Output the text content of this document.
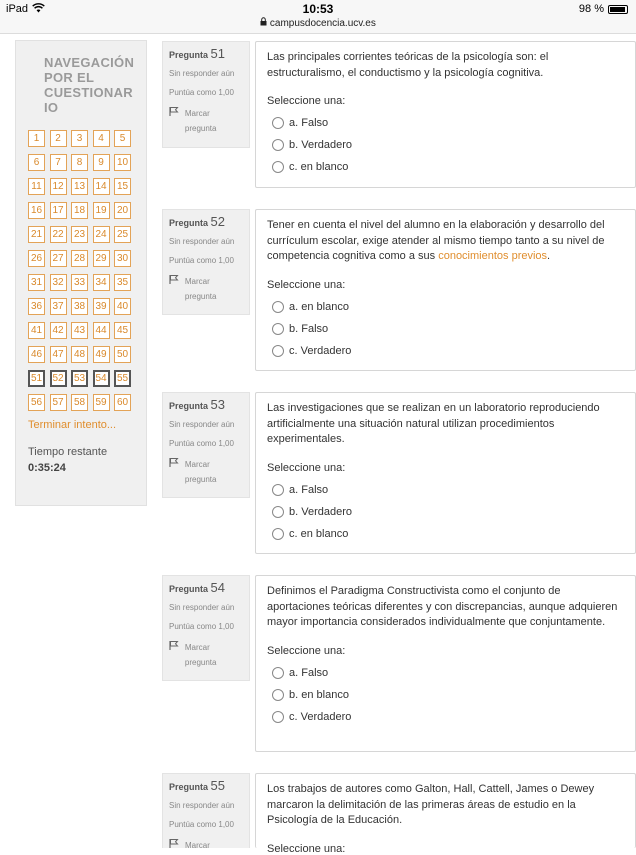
iPad	10:53	98 %
campusdocencia.ucv.es
NAVEGACIÓN POR EL CUESTIONAR IO
1	2	3	4	5
6	7	8	9	10
11	12 13 14 15
16 17 18 19 20
21 22 23 24 25
26 27 28 29 30
31 32 33 34 35
36 37 38 39 40
41 42 43 44 45
46 47 48 49 50
51 52 53 54 55
56 57 58 59 60
Terminar intento...
Tiempo restante
0:35:24
Pregunta 51
Sin responder aún
Puntúa como 1,00
Marcar pregunta
Las principales corrientes teóricas de la psicología son: el estructuralismo, el conductismo y la psicología cognitiva.
Seleccione una:
a. Falso
b. Verdadero
c. en blanco
Pregunta 52
Sin responder aún
Puntúa como 1,00
Marcar pregunta
Tener en cuenta el nivel del alumno en la elaboración y desarrollo del currículum escolar, exige atender al mismo tiempo tanto a su nivel de competencia cognitiva como a sus conocimientos previos.
Seleccione una:
a. en blanco
b. Falso
c. Verdadero
Pregunta 53
Sin responder aún
Puntúa como 1,00
Marcar pregunta
Las investigaciones que se realizan en un laboratorio reproduciendo artificialmente una situación natural utilizan procedimientos experimentales.
Seleccione una:
a. Falso
b. Verdadero
c. en blanco
Pregunta 54
Sin responder aún
Puntúa como 1,00
Marcar pregunta
Definimos el Paradigma Constructivista como el conjunto de aportaciones teóricas diferentes y con discrepancias, aunque adquieren mayor importancia considerados individualmente que conjuntamente.
Seleccione una:
a. Falso
b. en blanco
c. Verdadero
Pregunta 55
Sin responder aún
Puntúa como 1,00
Marcar
Los trabajos de autores como Galton, Hall, Cattell, James o Dewey marcaron la delimitación de las primeras áreas de estudio en la Psicología de la Educación.
Seleccione una:
